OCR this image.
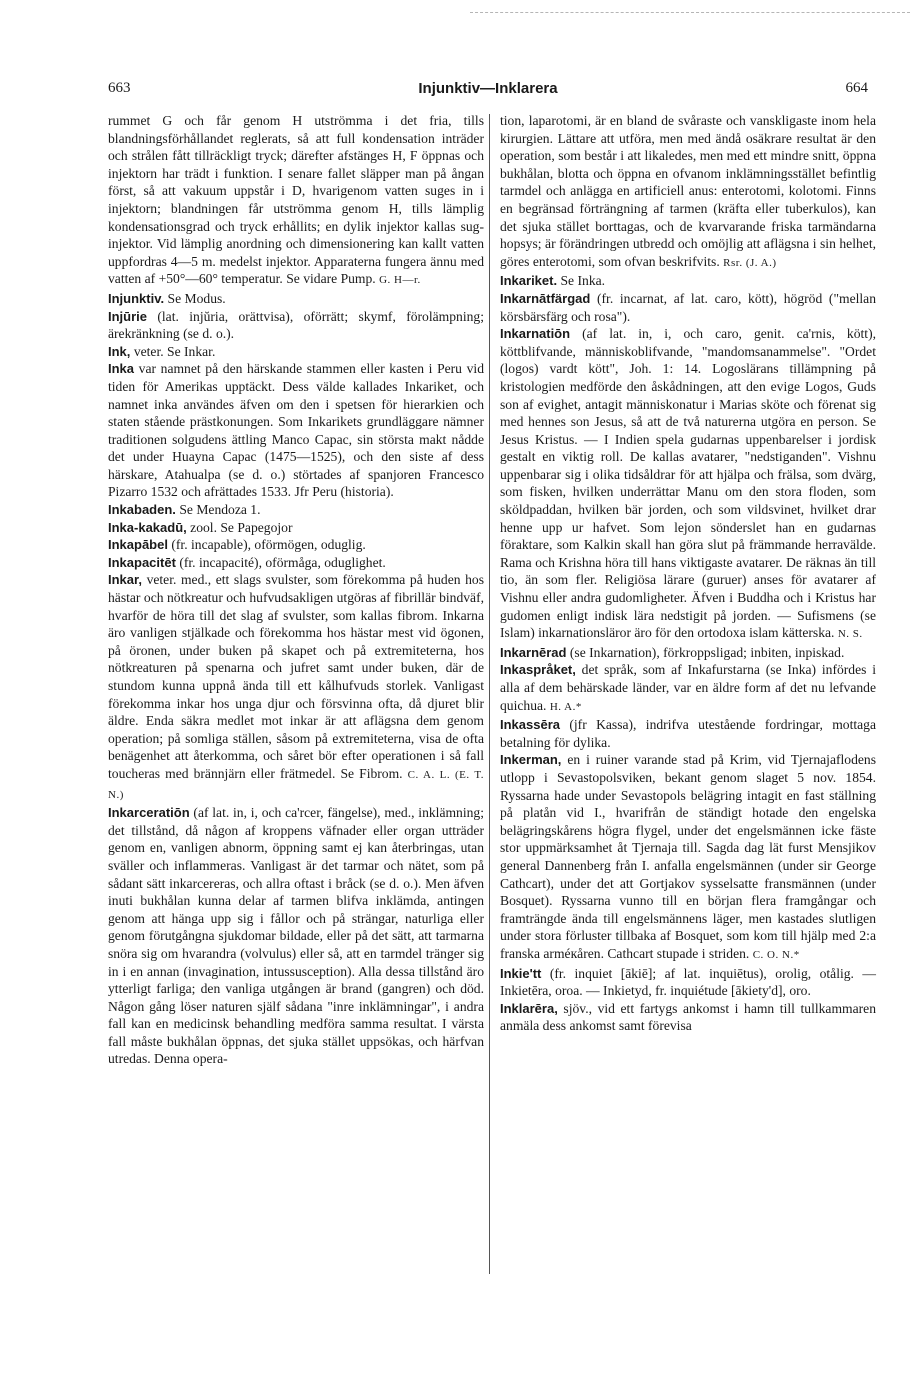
663	Injunktiv—Inklarera	664

rummet G och får genom H utströmma i det fria, tills blandningsförhållandet reglerats, så att full kondensation inträder och strålen fått tillräckligt tryck; därefter afstänges H, F öppnas och injektorn har trädt i funktion. I senare fallet släpper man på ångan först, så att vakuum uppstår i D, hvarigenom vatten suges in i injektorn; blandningen får utströmma genom H, tills lämplig kondensationsgrad och tryck erhållits; en dylik injektor kallas sug-injektor. Vid lämplig anordning och dimensionering kan kallt vatten uppfordras 4—5 m. medelst injektor. Apparaterna fungera ännu med vatten af +50°—60° temperatur. Se vidare Pump. G. H—r.

Injunktiv. Se Modus.

Injūrie (lat. injŭria, orättvisa), oförrätt; skymf, förolämpning; ärekränkning (se d. o.).

Ink, veter. Se Inkar.

Inka var namnet på den härskande stammen eller kasten i Peru vid tiden för Amerikas upptäckt. Dess välde kallades Inkariket, och namnet inka användes äfven om den i spetsen för hierarkien och staten stående prästkonungen. Som Inkarikets grundläggare nämner traditionen solgudens ättling Manco Capac, sin största makt nådde det under Huayna Capac (1475—1525), och den siste af dess härskare, Atahualpa (se d. o.) störtades af spanjoren Francesco Pizarro 1532 och afrättades 1533. Jfr Peru (historia).

Inkabaden. Se Mendoza 1.

Inka-kakadū, zool. Se Papegojor

Inkapābel (fr. incapable), oförmögen, oduglig.

Inkapacitēt (fr. incapacité), oförmåga, oduglighet.

Inkar, veter. med., ett slags svulster, som förekomma på huden hos hästar och nötkreatur och hufvudsakligen utgöras af fibrillär bindväf, hvarför de höra till det slag af svulster, som kallas fibrom. Inkarna äro vanligen stjälkade och förekomma hos hästar mest vid ögonen, på öronen, under buken på skapet och på extremiteterna, hos nötkreaturen på spenarna och jufret samt under buken, där de stundom kunna uppnå ända till ett kålhufvuds storlek. Vanligast förekomma inkar hos unga djur och försvinna ofta, då djuret blir äldre. Enda säkra medlet mot inkar är att aflägsna dem genom operation; på somliga ställen, såsom på extremiteterna, visa de ofta benägenhet att återkomma, och såret bör efter operationen i så fall toucheras med brännjärn eller frätmedel. Se Fibrom. C. A. L. (E. T. N.)

Inkarceratiōn (af lat. in, i, och ca'rcer, fängelse), med., inklämning; det tillstånd, då någon af kroppens väfnader eller organ utträder genom en, vanligen abnorm, öppning samt ej kan återbringas, utan sväller och inflammeras. Vanligast är det tarmar och nätet, som på sådant sätt inkarcereras, och allra oftast i bråck (se d. o.). Men äfven inuti bukhålan kunna delar af tarmen blifva inklämda, antingen genom att hänga upp sig i fållor och på strängar, naturliga eller genom förutgångna sjukdomar bildade, eller på det sätt, att tarmarna snöra sig om hvarandra (volvulus) eller så, att en tarmdel tränger sig in i en annan (invagination, intussusception). Alla dessa tillstånd äro ytterligt farliga; den vanliga utgången är brand (gangren) och död. Någon gång löser naturen själf sådana "inre inklämningar", i andra fall kan en medicinsk behandling medföra samma resultat. I värsta fall måste bukhålan öppnas, det sjuka stället uppsökas, och härfvan utredas. Denna opera-

tion, laparotomi, är en bland de svåraste och vanskligaste inom hela kirurgien. Lättare att utföra, men med ändå osäkrare resultat är den operation, som består i att likaledes, men med ett mindre snitt, öppna bukhålan, blotta och öppna en ofvanom inklämningsstället befintlig tarmdel och anlägga en artificiell anus: enterotomi, kolotomi. Finns en begränsad förträngning af tarmen (kräfta eller tuberkulos), kan det sjuka stället borttagas, och de kvarvarande friska tarmändarna hopsys; är förändringen utbredd och omöjlig att aflägsna i sin helhet, göres enterotomi, som ofvan beskrifvits. Rsr. (J. A.)

Inkariket. Se Inka.

Inkarnātfärgad (fr. incarnat, af lat. caro, kött), högröd ("mellan körsbärsfärg och rosa").

Inkarnatiōn (af lat. in, i, och caro, genit. ca'rnis, kött), köttblifvande, människoblifvande, "mandomsanammelse". "Ordet (logos) vardt kött", Joh. 1: 14. Logoslärans tillämpning på kristologien medförde den åskådningen, att den evige Logos, Guds son af evighet, antagit människonatur i Marias sköte och förenat sig med hennes son Jesus, så att de två naturerna utgöra en person. Se Jesus Kristus. — I Indien spela gudarnas uppenbarelser i jordisk gestalt en viktig roll. De kallas avatarer, "nedstiganden". Vishnu uppenbarar sig i olika tidsåldrar för att hjälpa och frälsa, som dvärg, som fisken, hvilken underrättar Manu om den stora floden, som sköldpaddan, hvilken bär jorden, och som vildsvinet, hvilket drar henne upp ur hafvet. Som lejon sönderslet han en gudarnas föraktare, som Kalkin skall han göra slut på främmande herravälde. Rama och Krishna höra till hans viktigaste avatarer. De räknas än till tio, än som fler. Religiösa lärare (guruer) anses för avatarer af Vishnu eller andra gudomligheter. Äfven i Buddha och i Kristus har gudomen enligt indisk lära nedstigit på jorden. — Sufismens (se Islam) inkarnationsläror äro för den ortodoxa islam kätterska. N. S.

Inkarnērad (se Inkarnation), förkroppsligad; inbiten, inpiskad.

Inkaspråket, det språk, som af Inkafurstarna (se Inka) infördes i alla af dem behärskade länder, var en äldre form af det nu lefvande quichua. H. A.*

Inkassēra (jfr Kassa), indrifva utestående fordringar, mottaga betalning för dylika.

Inkerman, en i ruiner varande stad på Krim, vid Tjernajaflodens utlopp i Sevastopolsviken, bekant genom slaget 5 nov. 1854. Ryssarna hade under Sevastopols belägring intagit en fast ställning på platån vid I., hvarifrån de ständigt hotade den engelska belägringskårens högra flygel, under det engelsmännen icke fäste stor uppmärksamhet åt Tjernaja till. Sagda dag lät furst Mensjikov general Dannenberg från I. anfalla engelsmännen (under sir George Cathcart), under det att Gortjakov sysselsatte fransmännen (under Bosquet). Ryssarna vunno till en början flera framgångar och framträngde ända till engelsmännens läger, men kastades slutligen under stora förluster tillbaka af Bosquet, som kom till hjälp med 2:a franska arméкåren. Cathcart stupade i striden. C. O. N.*

Inkie'tt (fr. inquiet [ākiē]; af lat. inquiētus), orolig, otålig. — Inkietēra, oroa. — Inkietyd, fr. inquiétude [ākiety'd], oro.

Inklarēra, sjöv., vid ett fartygs ankomst i hamn till tullkammaren anmäla dess ankomst samt förevisa
